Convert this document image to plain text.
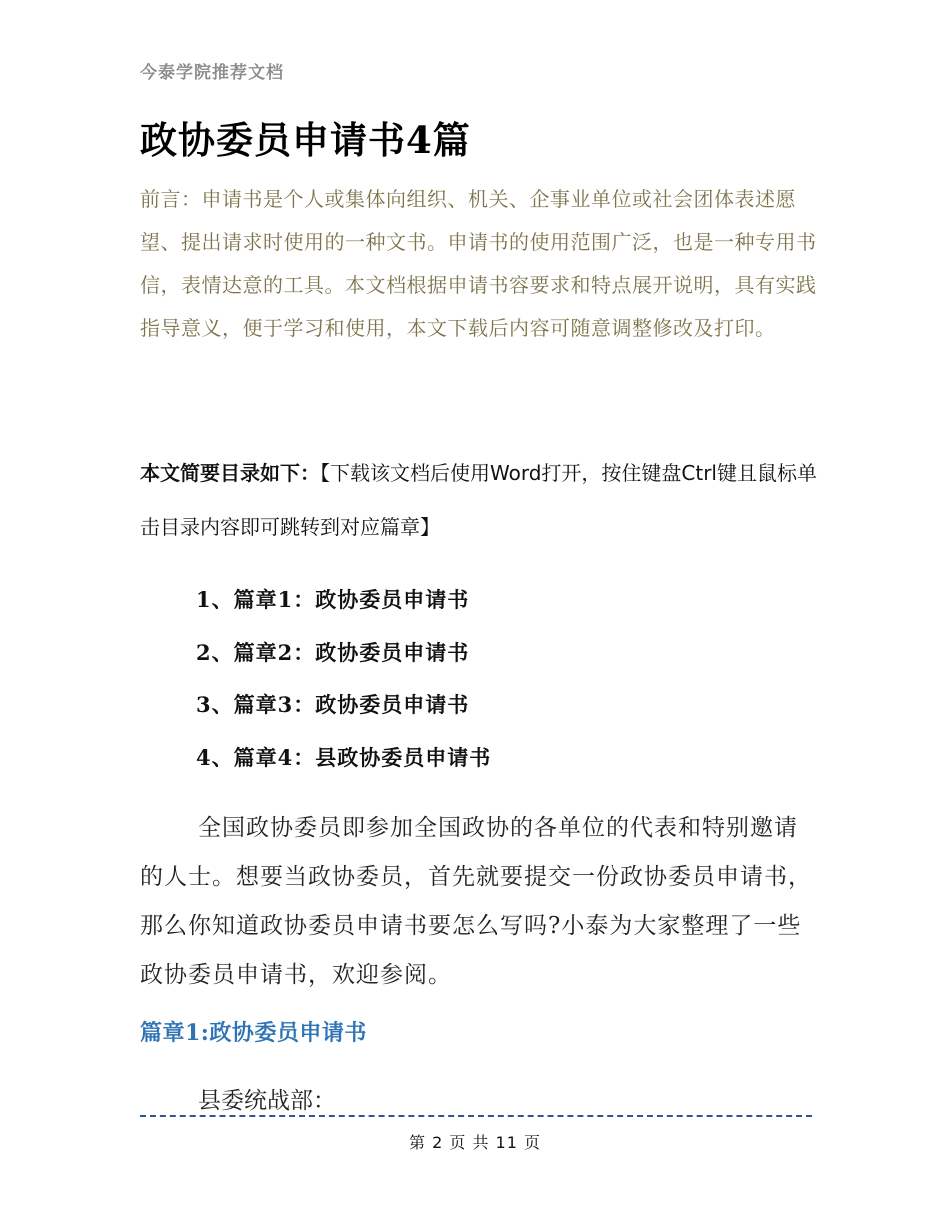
今泰学院推荐文档
政协委员申请书4篇

前言：申请书是个人或集体向组织、机关、企事业单位或社会团体表述愿望、提出请求时使用的一种文书。申请书的使用范围广泛，也是一种专用书信，表情达意的工具。本文档根据申请书容要求和特点展开说明，具有实践指导意义，便于学习和使用，本文下载后内容可随意调整修改及打印。

本文简要目录如下：【下载该文档后使用Word打开，按住键盘Ctrl键且鼠标单击目录内容即可跳转到对应篇章】

1、篇章1：政协委员申请书
2、篇章2：政协委员申请书
3、篇章3：政协委员申请书
4、篇章4：县政协委员申请书

全国政协委员即参加全国政协的各单位的代表和特别邀请的人士。想要当政协委员，首先就要提交一份政协委员申请书，那么你知道政协委员申请书要怎么写吗?小泰为大家整理了一些政协委员申请书，欢迎参阅。

篇章1:政协委员申请书

县委统战部：

第 2 页 共 11 页
